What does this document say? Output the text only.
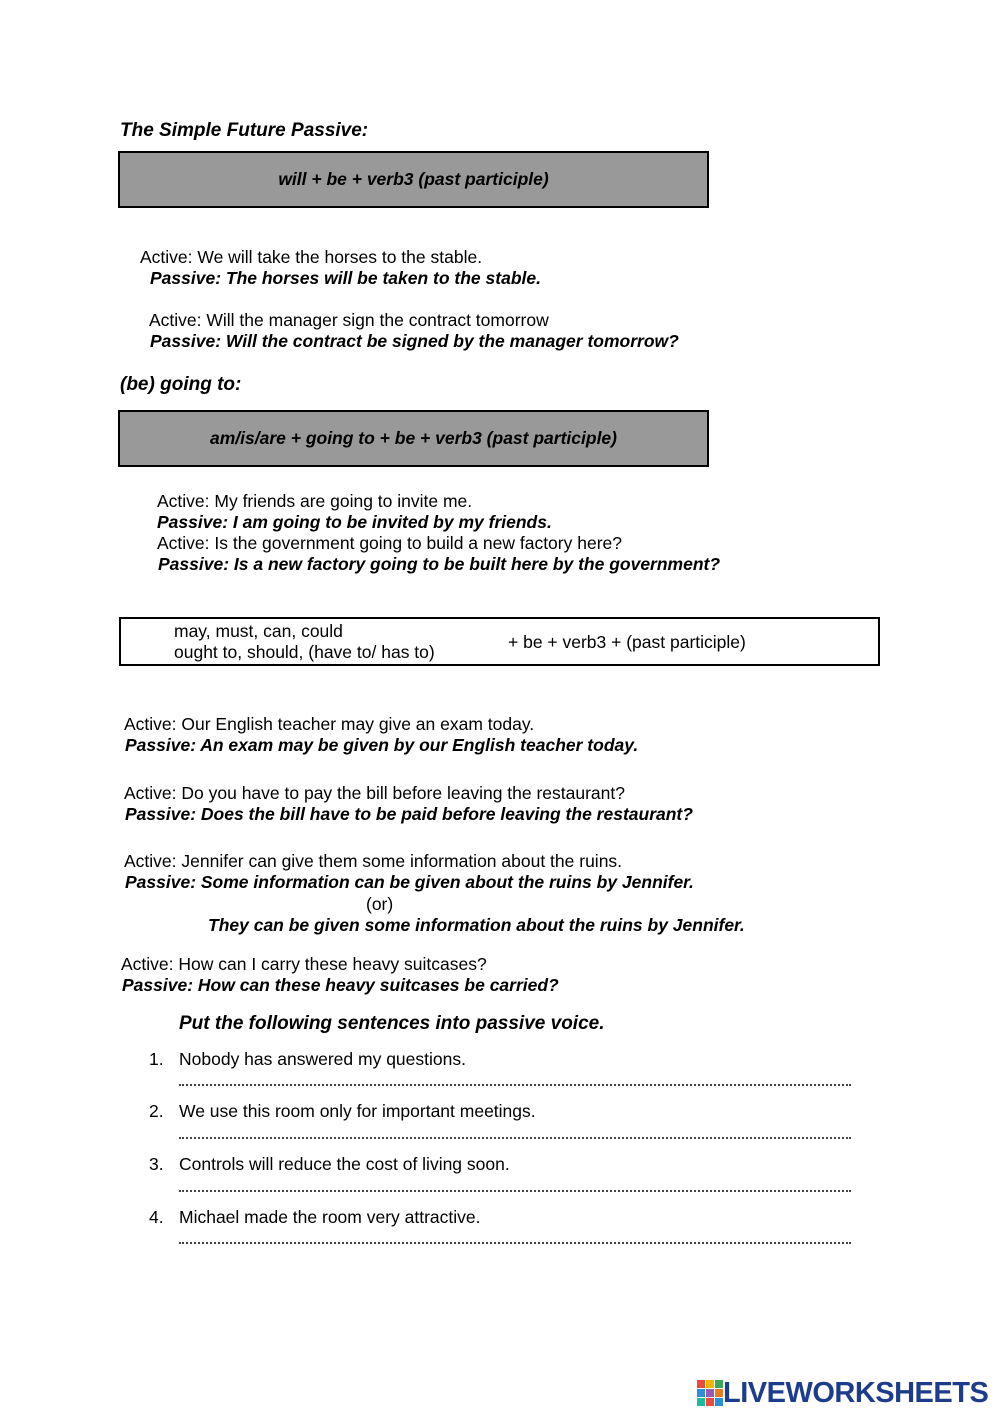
The Simple Future Passive:
will + be + verb3 (past participle)
Active: We will take the horses to the stable.
Passive: The horses will be taken to the stable.
Active: Will the manager sign the contract tomorrow
Passive: Will the contract be signed by the manager tomorrow?
(be) going to:
am/is/are + going to + be + verb3 (past participle)
Active: My friends are going to invite me.
Passive: I am going to be invited by my friends.
Active: Is the government going to build a new factory here?
Passive: Is a new factory going to be built here by the government?
may, must, can, could
ought to, should, (have to/ has to)	+ be + verb3 + (past participle)
Active: Our English teacher may give an exam today.
Passive: An exam may be given by our English teacher today.
Active: Do you have to pay the bill before leaving the restaurant?
Passive: Does the bill have to be paid before leaving the restaurant?
Active: Jennifer can give them some information about the ruins.
Passive: Some information can be given about the ruins by Jennifer.
(or)
They can be given some information about the ruins by Jennifer.
Active: How can I carry these heavy suitcases?
Passive: How can these heavy suitcases be carried?
Put the following sentences into passive voice.
1. Nobody has answered my questions.
2. We use this room only for important meetings.
3. Controls will reduce the cost of living soon.
4. Michael made the room very attractive.
LIVEWORKSHEETS
